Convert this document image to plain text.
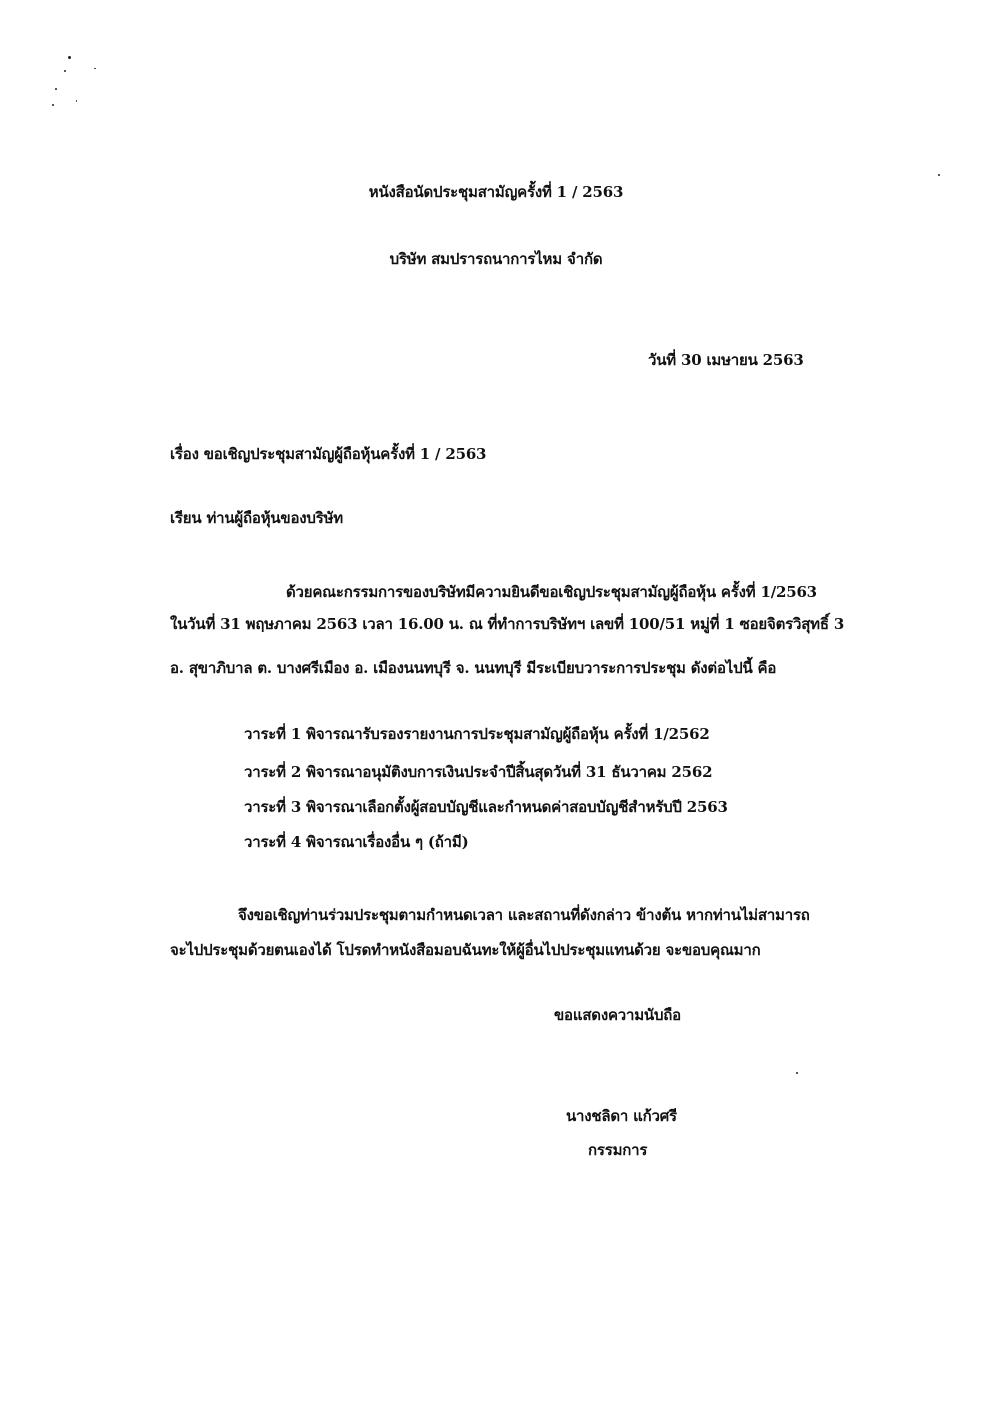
หนังสือนัดประชุมสามัญครั้งที่ 1 / 2563
บริษัท สมปรารถนาการไหม จำกัด
วันที่ 30 เมษายน 2563
เรื่อง ขอเชิญประชุมสามัญผู้ถือหุ้นครั้งที่ 1 / 2563
เรียน ท่านผู้ถือหุ้นของบริษัท
ด้วยคณะกรรมการของบริษัทมีความยินดีขอเชิญประชุมสามัญผู้ถือหุ้น ครั้งที่ 1/2563
ในวันที่ 31 พฤษภาคม 2563 เวลา 16.00 น. ณ ที่ทำการบริษัทฯ เลขที่ 100/51 หมู่ที่ 1 ซอยจิตรวิสุทธิ์ 3
อ. สุขาภิบาล ต. บางศรีเมือง อ. เมืองนนทบุรี จ. นนทบุรี มีระเบียบวาระการประชุม ดังต่อไปนี้ คือ
วาระที่ 1 พิจารณารับรองรายงานการประชุมสามัญผู้ถือหุ้น ครั้งที่ 1/2562
วาระที่ 2 พิจารณาอนุมัติงบการเงินประจำปีสิ้นสุดวันที่ 31 ธันวาคม 2562
วาระที่ 3 พิจารณาเลือกตั้งผู้สอบบัญชีและกำหนดค่าสอบบัญชีสำหรับปี 2563
วาระที่ 4 พิจารณาเรื่องอื่น ๆ (ถ้ามี)
จึงขอเชิญท่านร่วมประชุมตามกำหนดเวลา และสถานที่ดังกล่าว ข้างต้น หากท่านไม่สามารถ
จะไปประชุมด้วยตนเองได้ โปรดทำหนังสือมอบฉันทะให้ผู้อื่นไปประชุมแทนด้วย จะขอบคุณมาก
ขอแสดงความนับถือ
นางชลิดา แก้วศรี
กรรมการ
